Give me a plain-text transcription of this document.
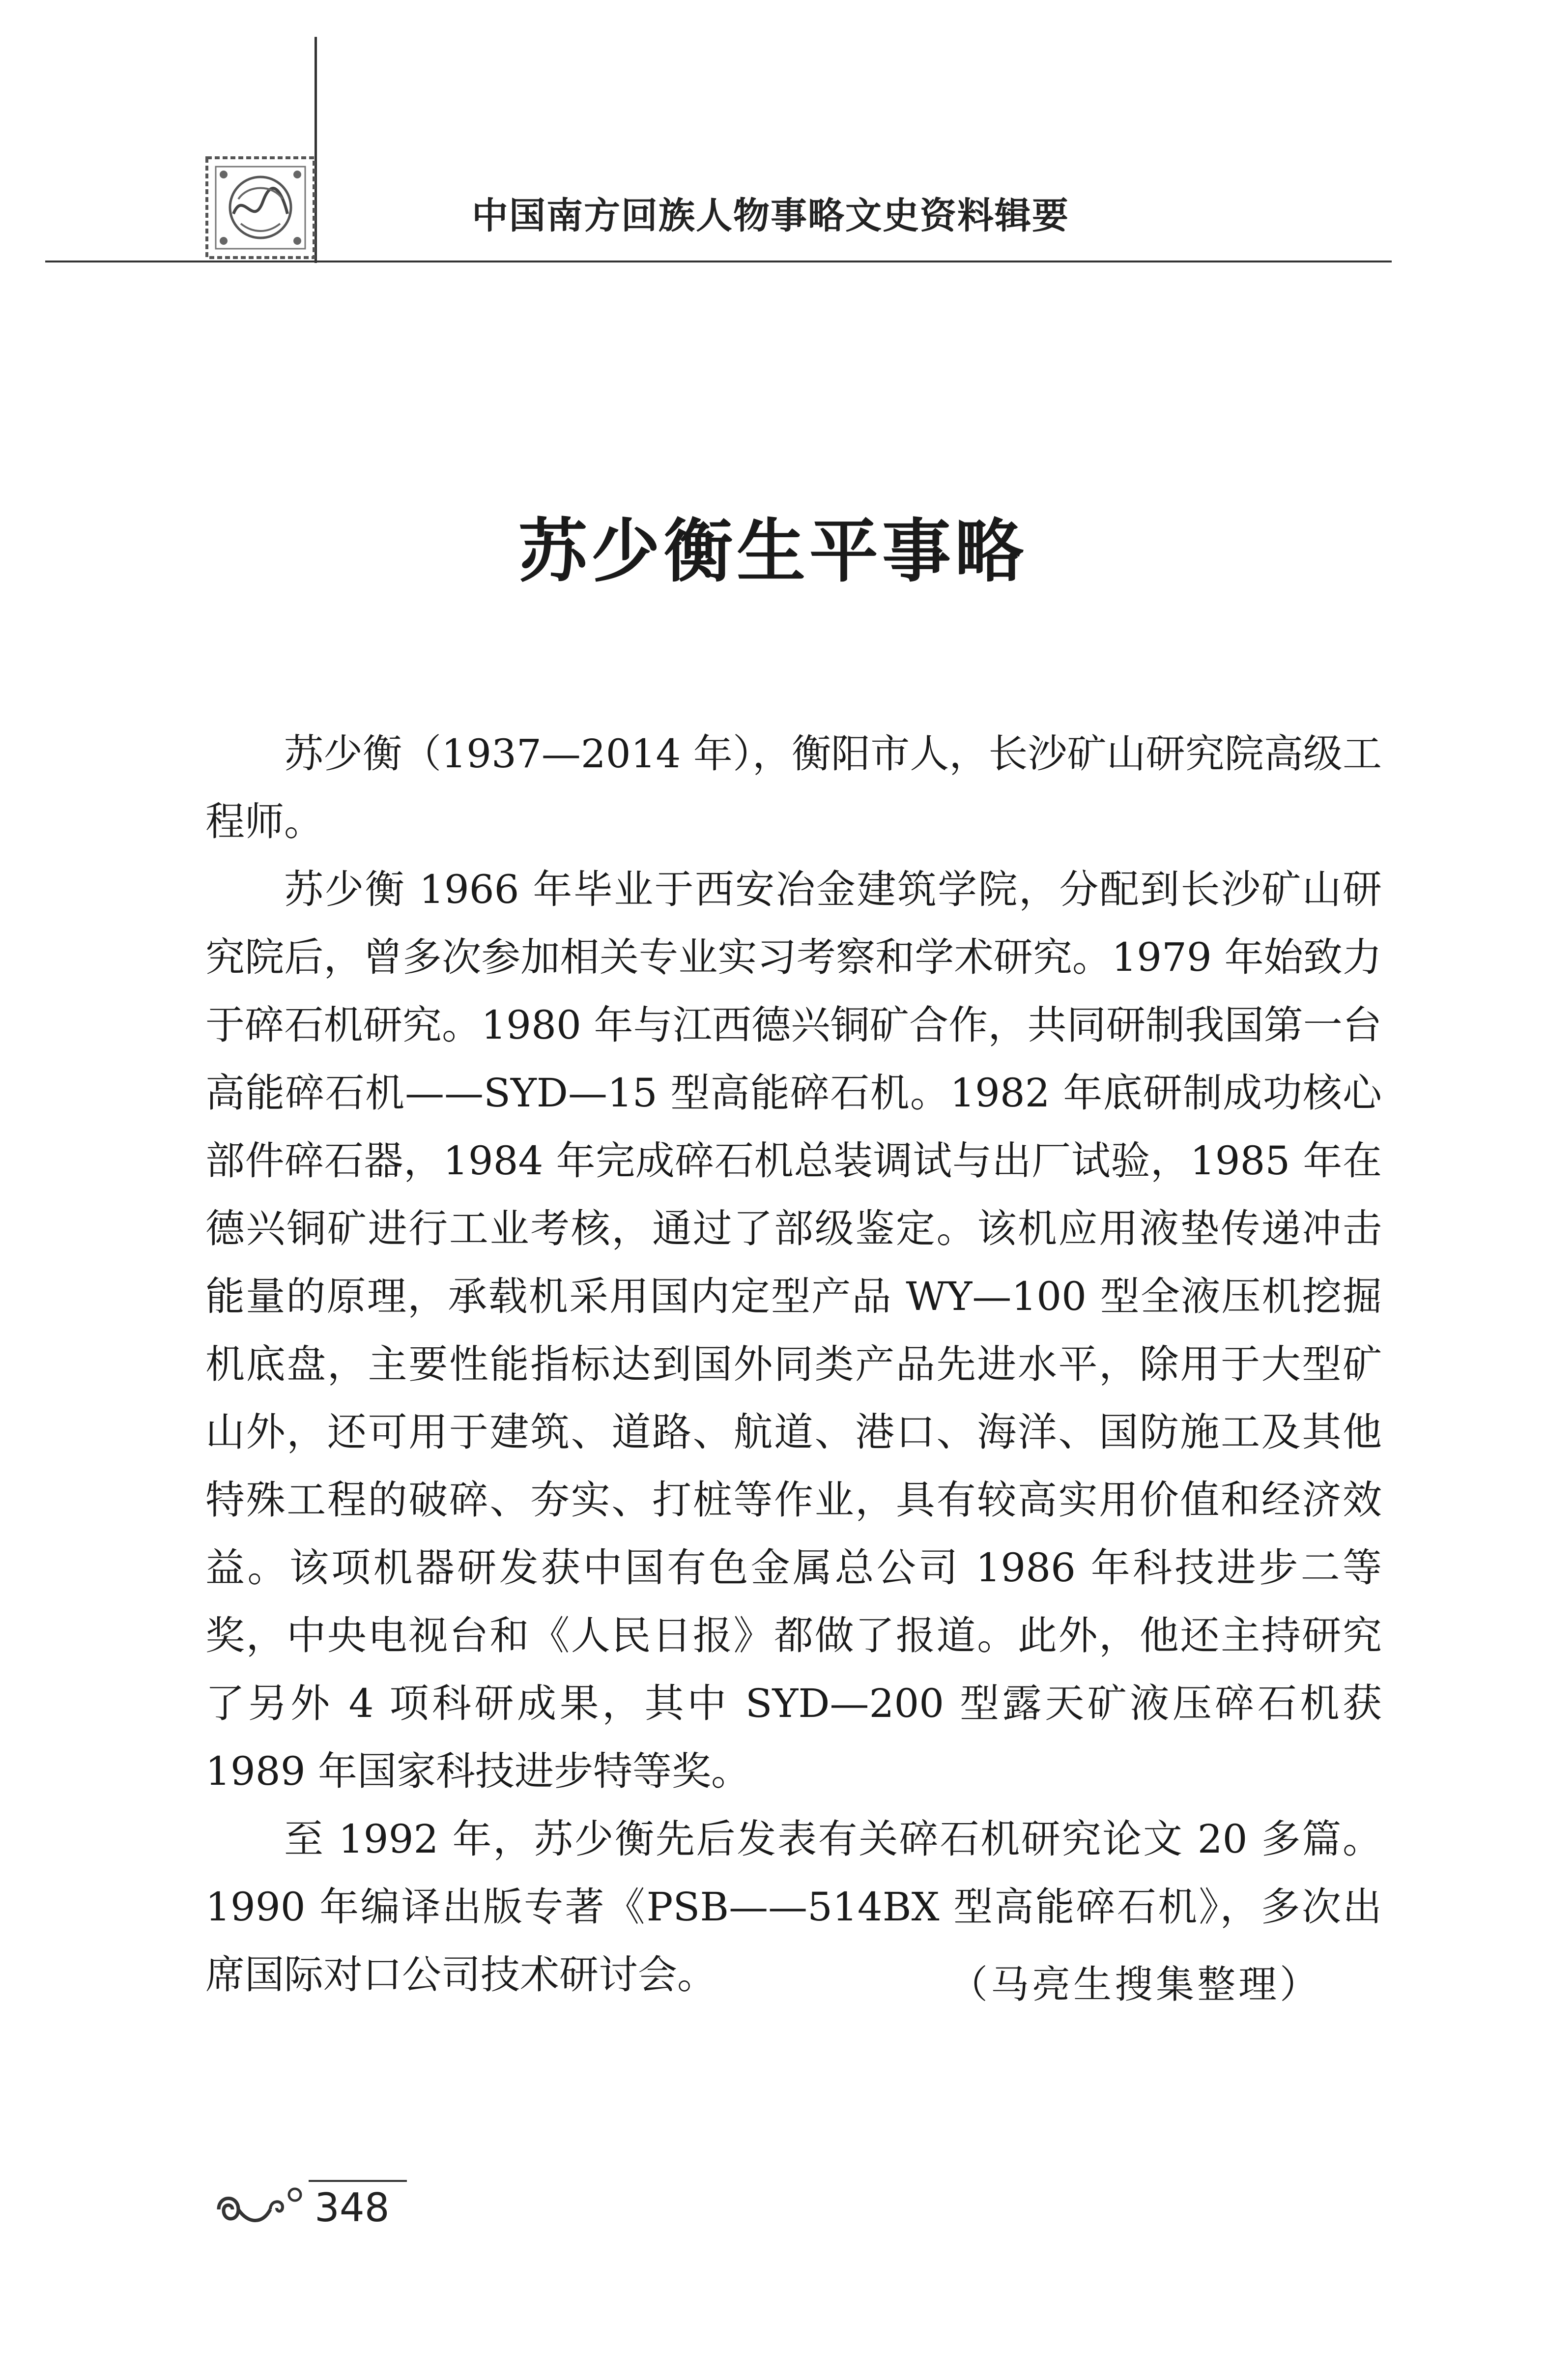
中国南方回族人物事略文史资料辑要
苏少衡生平事略

苏少衡（1937—2014 年），衡阳市人，长沙矿山研究院高级工程师。

苏少衡 1966 年毕业于西安冶金建筑学院，分配到长沙矿山研究院后，曾多次参加相关专业实习考察和学术研究。1979 年始致力于碎石机研究。1980 年与江西德兴铜矿合作，共同研制我国第一台高能碎石机——SYD—15 型高能碎石机。1982 年底研制成功核心部件碎石器，1984 年完成碎石机总装调试与出厂试验，1985 年在德兴铜矿进行工业考核，通过了部级鉴定。该机应用液垫传递冲击能量的原理，承载机采用国内定型产品 WY—100 型全液压机挖掘机底盘，主要性能指标达到国外同类产品先进水平，除用于大型矿山外，还可用于建筑、道路、航道、港口、海洋、国防施工及其他特殊工程的破碎、夯实、打桩等作业，具有较高实用价值和经济效益。该项机器研发获中国有色金属总公司 1986 年科技进步二等奖，中央电视台和《人民日报》都做了报道。此外，他还主持研究了另外 4 项科研成果，其中 SYD—200 型露天矿液压碎石机获 1989 年国家科技进步特等奖。

至 1992 年，苏少衡先后发表有关碎石机研究论文 20 多篇。1990 年编译出版专著《PSB——514BX 型高能碎石机》，多次出席国际对口公司技术研讨会。	（马亮生搜集整理）
348
